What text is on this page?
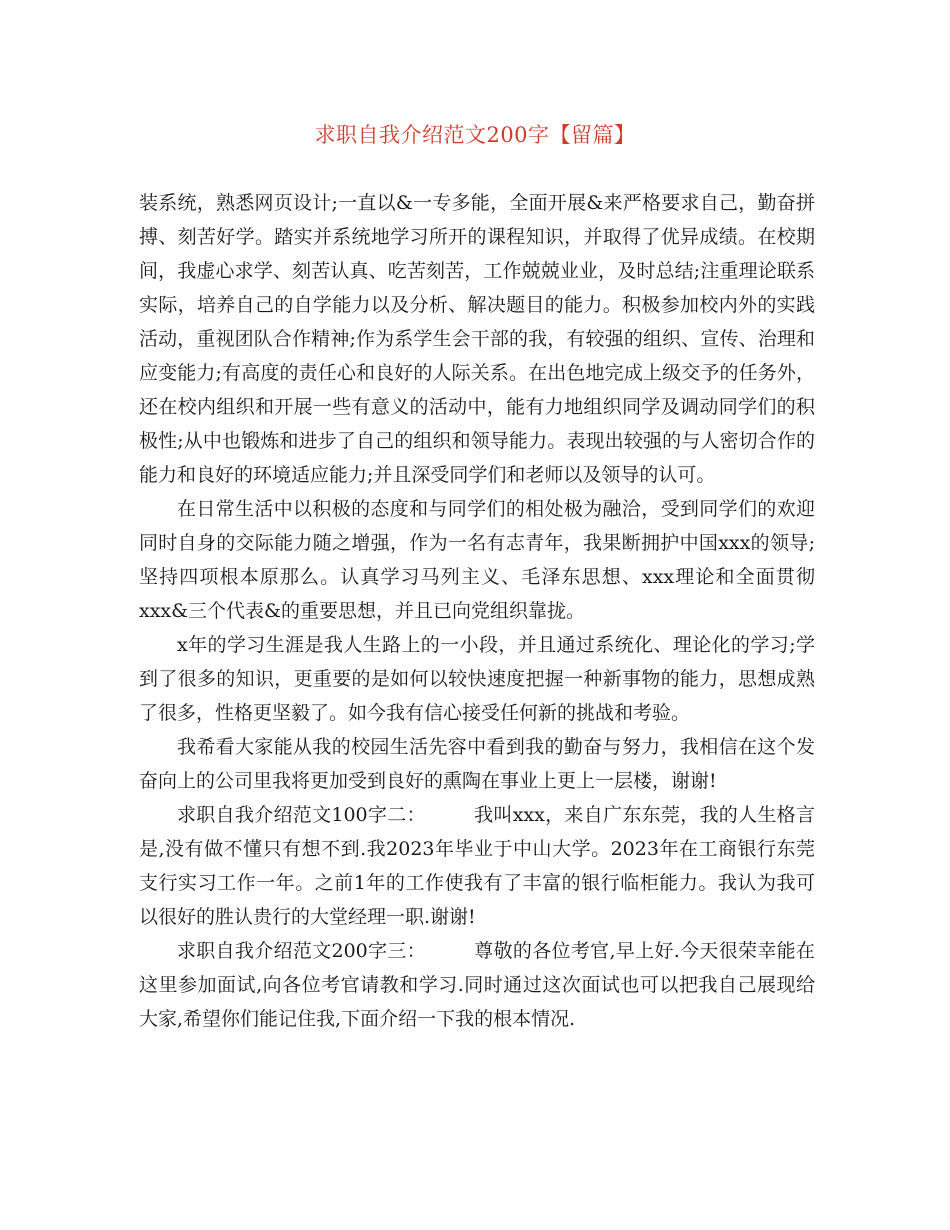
求职自我介绍范文200字【留篇】

装系统，熟悉网页设计;一直以&一专多能，全面开展&来严格要求自己，勤奋拼搏、刻苦好学。踏实并系统地学习所开的课程知识，并取得了优异成绩。在校期间，我虚心求学、刻苦认真、吃苦刻苦，工作兢兢业业，及时总结;注重理论联系实际，培养自己的自学能力以及分析、解决题目的能力。积极参加校内外的实践活动，重视团队合作精神;作为系学生会干部的我，有较强的组织、宣传、治理和应变能力;有高度的责任心和良好的人际关系。在出色地完成上级交予的任务外，还在校内组织和开展一些有意义的活动中，能有力地组织同学及调动同学们的积极性;从中也锻炼和进步了自己的组织和领导能力。表现出较强的与人密切合作的能力和良好的环境适应能力;并且深受同学们和老师以及领导的认可。

在日常生活中以积极的态度和与同学们的相处极为融洽，受到同学们的欢迎同时自身的交际能力随之增强，作为一名有志青年，我果断拥护中国xxx的领导;坚持四项根本原那么。认真学习马列主义、毛泽东思想、xxx理论和全面贯彻xxx&三个代表&的重要思想，并且已向党组织靠拢。

x年的学习生涯是我人生路上的一小段，并且通过系统化、理论化的学习;学到了很多的知识，更重要的是如何以较快速度把握一种新事物的能力，思想成熟了很多，性格更坚毅了。如今我有信心接受任何新的挑战和考验。

我希看大家能从我的校园生活先容中看到我的勤奋与努力，我相信在这个发奋向上的公司里我将更加受到良好的熏陶在事业上更上一层楼，谢谢!

求职自我介绍范文100字二：	我叫xxx，来自广东东莞，我的人生格言是,没有做不懂只有想不到.我2023年毕业于中山大学。2023年在工商银行东莞支行实习工作一年。之前1年的工作使我有了丰富的银行临柜能力。我认为我可以很好的胜认贵行的大堂经理一职.谢谢!

求职自我介绍范文200字三：	尊敬的各位考官,早上好.今天很荣幸能在这里参加面试,向各位考官请教和学习.同时通过这次面试也可以把我自己展现给大家,希望你们能记住我,下面介绍一下我的根本情况.
